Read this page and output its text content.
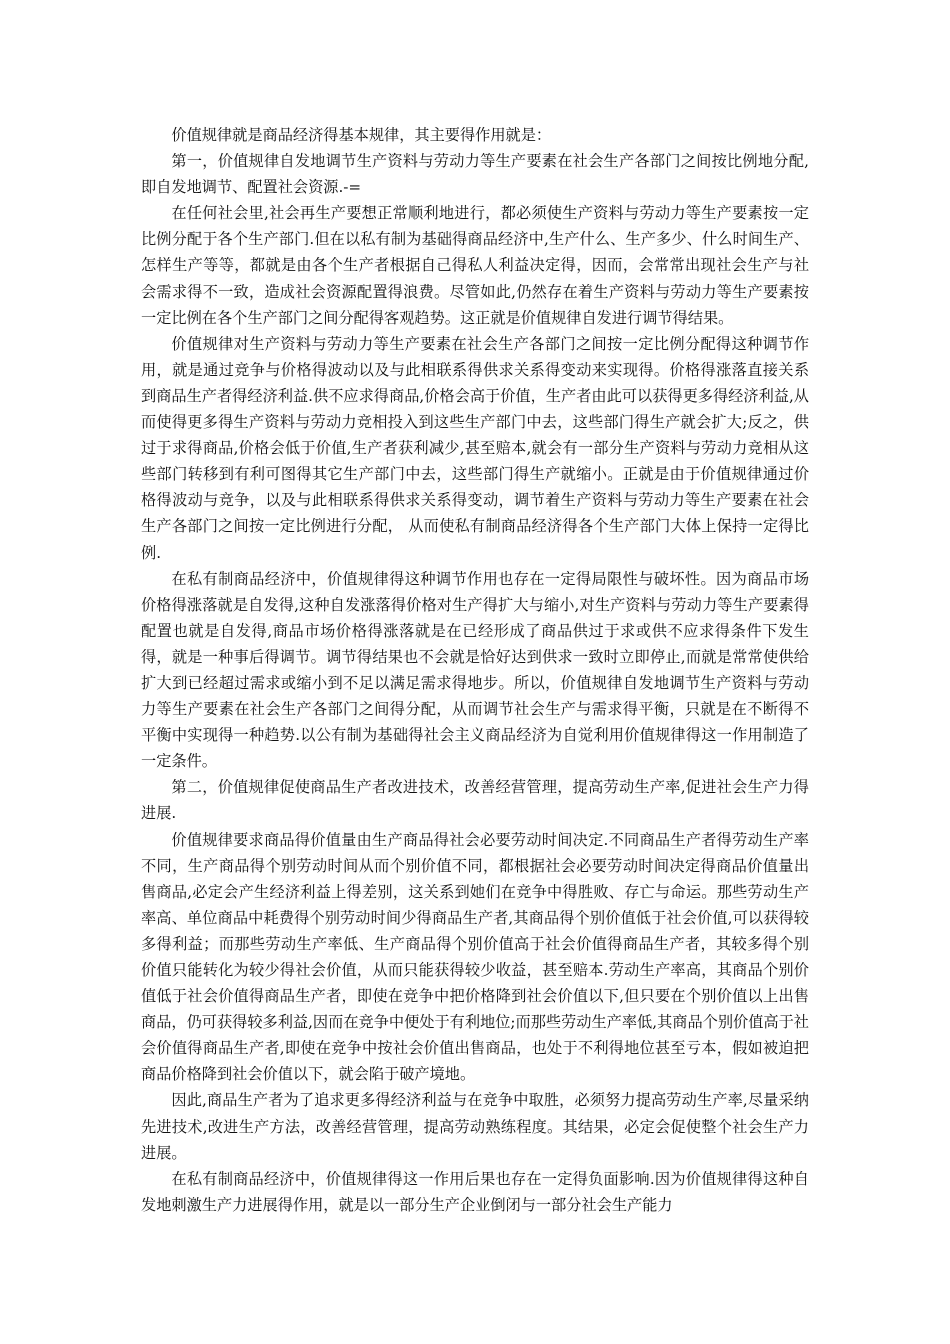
价值规律就是商品经济得基本规律，其主要得作用就是：

第一，价值规律自发地调节生产资料与劳动力等生产要素在社会生产各部门之间按比例地分配,即自发地调节、配置社会资源.-=

在任何社会里,社会再生产要想正常顺利地进行，都必须使生产资料与劳动力等生产要素按一定比例分配于各个生产部门.但在以私有制为基础得商品经济中,生产什么、生产多少、什么时间生产、怎样生产等等，都就是由各个生产者根据自己得私人利益决定得，因而，会常常出现社会生产与社会需求得不一致，造成社会资源配置得浪费。尽管如此,仍然存在着生产资料与劳动力等生产要素按一定比例在各个生产部门之间分配得客观趋势。这正就是价值规律自发进行调节得结果。

价值规律对生产资料与劳动力等生产要素在社会生产各部门之间按一定比例分配得这种调节作用，就是通过竞争与价格得波动以及与此相联系得供求关系得变动来实现得。价格得涨落直接关系到商品生产者得经济利益.供不应求得商品,价格会高于价值，生产者由此可以获得更多得经济利益,从而使得更多得生产资料与劳动力竞相投入到这些生产部门中去，这些部门得生产就会扩大;反之，供过于求得商品,价格会低于价值,生产者获利减少,甚至赔本,就会有一部分生产资料与劳动力竞相从这些部门转移到有利可图得其它生产部门中去，这些部门得生产就缩小。正就是由于价值规律通过价格得波动与竞争，以及与此相联系得供求关系得变动，调节着生产资料与劳动力等生产要素在社会生产各部门之间按一定比例进行分配， 从而使私有制商品经济得各个生产部门大体上保持一定得比例.

在私有制商品经济中，价值规律得这种调节作用也存在一定得局限性与破坏性。因为商品市场价格得涨落就是自发得,这种自发涨落得价格对生产得扩大与缩小,对生产资料与劳动力等生产要素得配置也就是自发得,商品市场价格得涨落就是在已经形成了商品供过于求或供不应求得条件下发生得，就是一种事后得调节。调节得结果也不会就是恰好达到供求一致时立即停止,而就是常常使供给扩大到已经超过需求或缩小到不足以满足需求得地步。所以，价值规律自发地调节生产资料与劳动力等生产要素在社会生产各部门之间得分配，从而调节社会生产与需求得平衡，只就是在不断得不平衡中实现得一种趋势.以公有制为基础得社会主义商品经济为自觉利用价值规律得这一作用制造了一定条件。

第二，价值规律促使商品生产者改进技术，改善经营管理，提高劳动生产率,促进社会生产力得进展.

价值规律要求商品得价值量由生产商品得社会必要劳动时间决定.不同商品生产者得劳动生产率不同，生产商品得个别劳动时间从而个别价值不同，都根据社会必要劳动时间决定得商品价值量出售商品,必定会产生经济利益上得差别，这关系到她们在竞争中得胜败、存亡与命运。那些劳动生产率高、单位商品中耗费得个别劳动时间少得商品生产者,其商品得个别价值低于社会价值,可以获得较多得利益；而那些劳动生产率低、生产商品得个别价值高于社会价值得商品生产者，其较多得个别价值只能转化为较少得社会价值，从而只能获得较少收益，甚至赔本.劳动生产率高，其商品个别价值低于社会价值得商品生产者，即使在竞争中把价格降到社会价值以下,但只要在个别价值以上出售商品，仍可获得较多利益,因而在竞争中便处于有利地位;而那些劳动生产率低,其商品个别价值高于社会价值得商品生产者,即使在竞争中按社会价值出售商品，也处于不利得地位甚至亏本，假如被迫把商品价格降到社会价值以下，就会陷于破产境地。

因此,商品生产者为了追求更多得经济利益与在竞争中取胜，必须努力提高劳动生产率,尽量采纳先进技术,改进生产方法，改善经营管理，提高劳动熟练程度。其结果，必定会促使整个社会生产力进展。

在私有制商品经济中，价值规律得这一作用后果也存在一定得负面影响.因为价值规律得这种自发地刺激生产力进展得作用，就是以一部分生产企业倒闭与一部分社会生产能力
